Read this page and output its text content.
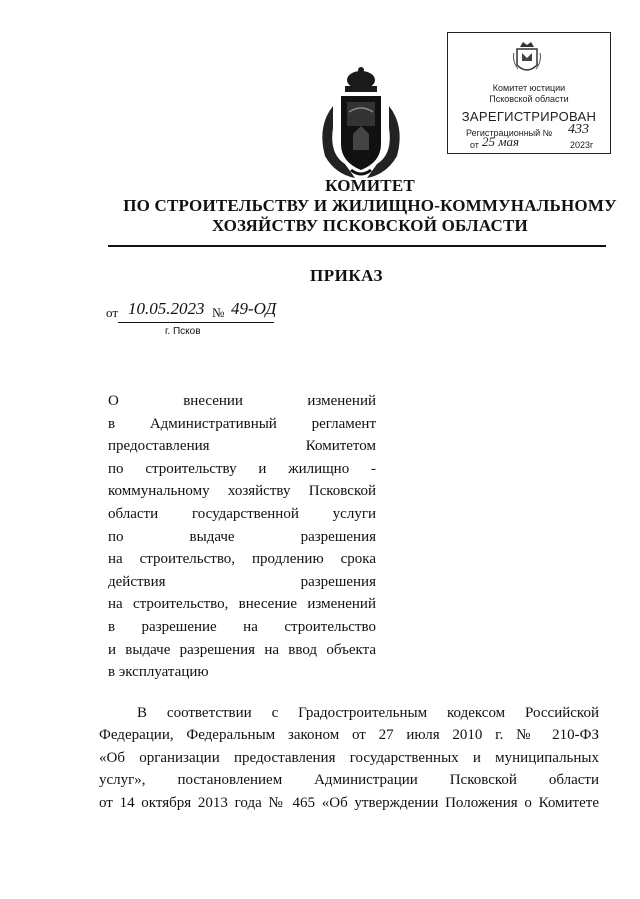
Комитет юстиции
Псковской области
ЗАРЕГИСТРИРОВАН
Регистрационный № 433
от 25 мая	2023г
КОМИТЕТ
ПО СТРОИТЕЛЬСТВУ И ЖИЛИЩНО-КОММУНАЛЬНОМУ
ХОЗЯЙСТВУ ПСКОВСКОЙ ОБЛАСТИ
ПРИКАЗ
от 10.05.2023 № 49-ОД
г. Псков
О внесении изменений
в Административный регламент
предоставления Комитетом
по строительству и жилищно -
коммунальному хозяйству Псковской
области государственной услуги
по выдаче разрешения
на строительство, продлению срока
действия разрешения
на строительство, внесение изменений
в разрешение на строительство
и выдаче разрешения на ввод объекта
в эксплуатацию
В соответствии с Градостроительным кодексом Российской
Федерации, Федеральным законом от 27 июля 2010 г. № 210-ФЗ
«Об организации предоставления государственных и муниципальных
услуг», постановлением Администрации Псковской области
от 14 октября 2013 года № 465 «Об утверждении Положения о Комитете
